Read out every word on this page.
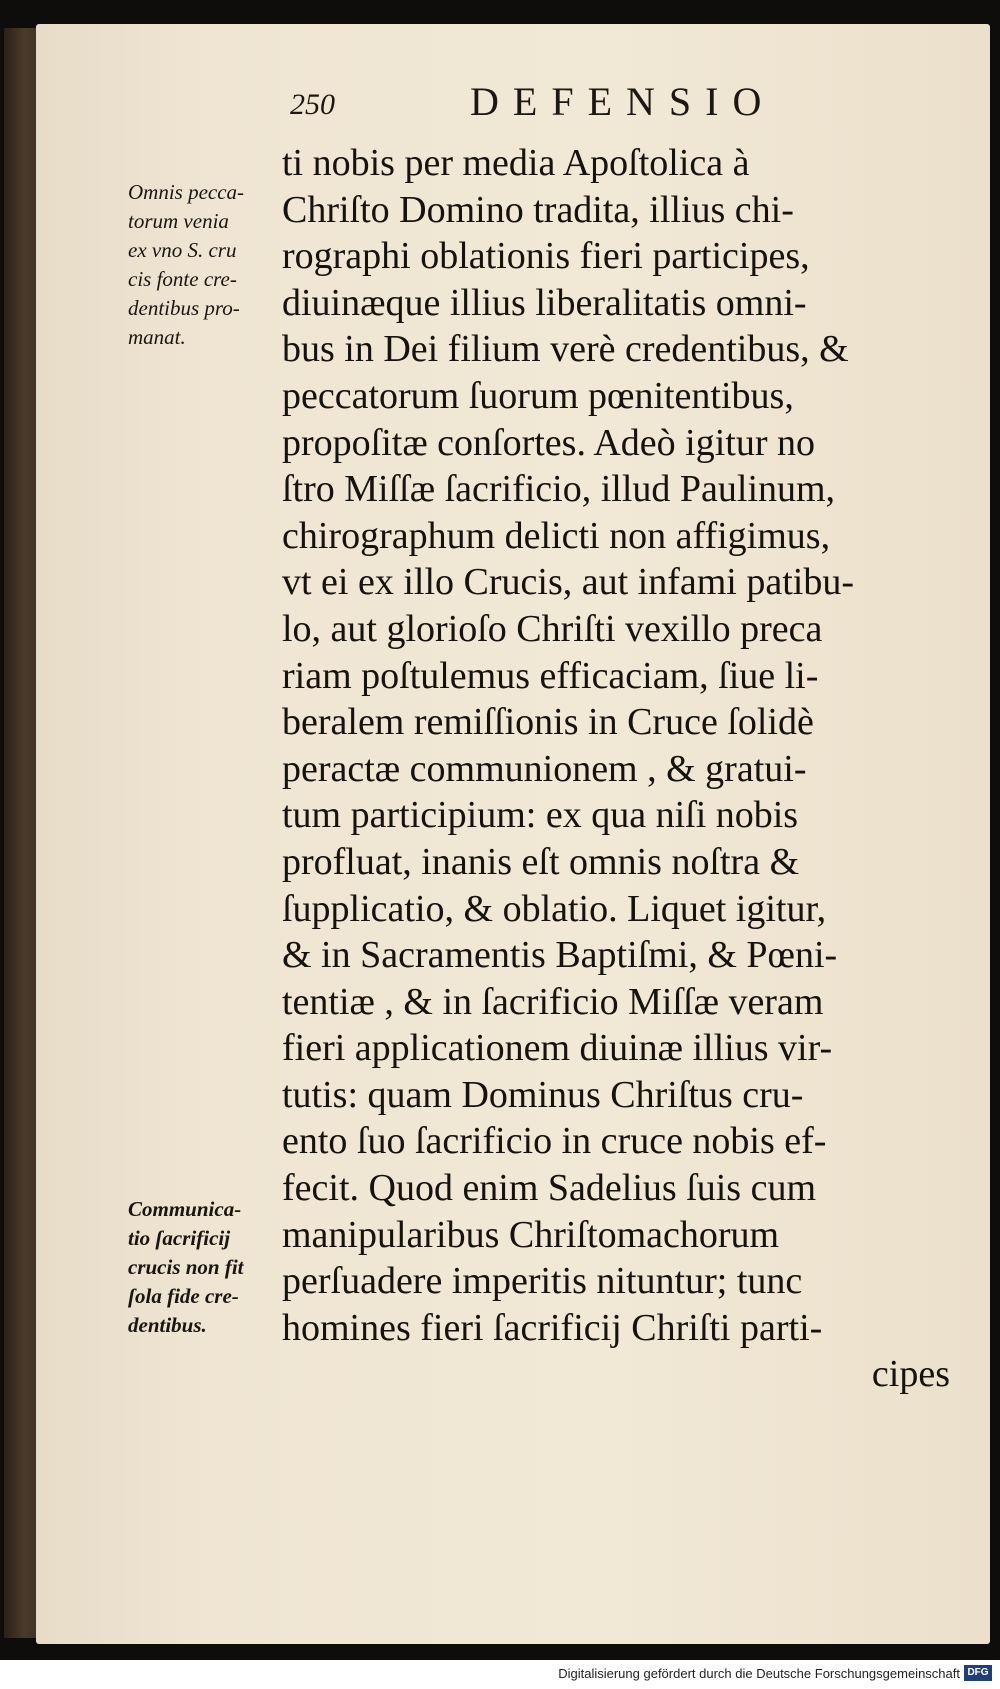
250	DEFENSIO
Omnis pecca-
torum venia
ex vno S. cru
cis fonte cre-
dentibus pro-
manat.
Communica-
tio ſacrificij
crucis non fit
ſola fide cre-
dentibus.
ti nobis per media Apoſtolica à
Chriſto Domino tradita, illius chi-
rographi oblationis fieri participes,
diuinæque illius liberalitatis omni-
bus in Dei filium verè credentibus, &
peccatorum ſuorum pœnitentibus,
propoſitæ conſortes. Adeò igitur no
ſtro Miſſæ ſacrificio, illud Paulinum,
chirographum delicti non affigimus,
vt ei ex illo Crucis, aut infami patibu-
lo, aut glorioſo Chriſti vexillo preca
riam poſtulemus efficaciam, ſiue li-
beralem remiſſionis in Cruce ſolidè
peractæ communionem , & gratui-
tum participium: ex qua niſi nobis
profluat, inanis eſt omnis noſtra &
ſupplicatio, & oblatio. Liquet igitur,
& in Sacramentis Baptiſmi, & Pœni-
tentiæ , & in ſacrificio Miſſæ veram
fieri applicationem diuinæ illius vir-
tutis: quam Dominus Chriſtus cru-
ento ſuo ſacrificio in cruce nobis ef-
fecit. Quod enim Sadelius ſuis cum
manipularibus Chriſtomachorum
perſuadere imperitis nituntur; tunc
homines fieri ſacrificij Chriſti parti-
cipes
Digitalisierung gefördert durch die Deutsche Forschungsgemeinschaft DFG
